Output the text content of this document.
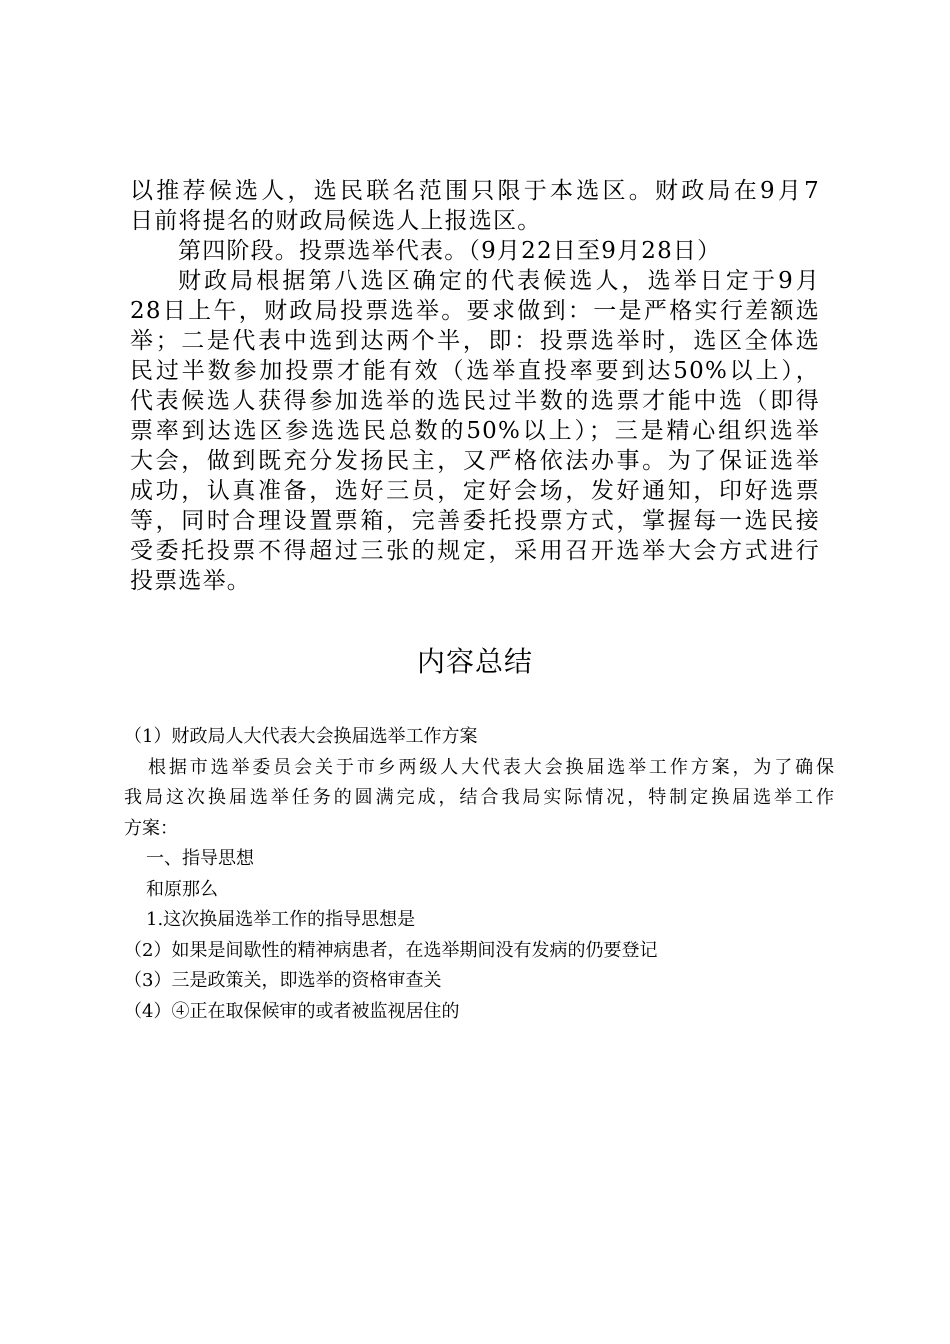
以推荐候选人，选民联名范围只限于本选区。财政局在9月7
日前将提名的财政局候选人上报选区。
第四阶段。投票选举代表。（9月22日至9月28日）
财政局根据第八选区确定的代表候选人，选举日定于9月
28日上午，财政局投票选举。要求做到：一是严格实行差额选
举；二是代表中选到达两个半，即：投票选举时，选区全体选
民过半数参加投票才能有效（选举直投率要到达50%以上），
代表候选人获得参加选举的选民过半数的选票才能中选（即得
票率到达选区参选选民总数的50%以上）；三是精心组织选举
大会，做到既充分发扬民主，又严格依法办事。为了保证选举
成功，认真准备，选好三员，定好会场，发好通知，印好选票
等，同时合理设置票箱，完善委托投票方式，掌握每一选民接
受委托投票不得超过三张的规定，采用召开选举大会方式进行
投票选举。
内容总结
（1）财政局人大代表大会换届选举工作方案
根据市选举委员会关于市乡两级人大代表大会换届选举工作方案，为了确保
我局这次换届选举任务的圆满完成，结合我局实际情况，特制定换届选举工作
方案：
一、指导思想
和原那么
1.这次换届选举工作的指导思想是
（2）如果是间歇性的精神病患者，在选举期间没有发病的仍要登记
（3）三是政策关，即选举的资格审查关
（4）④正在取保候审的或者被监视居住的
